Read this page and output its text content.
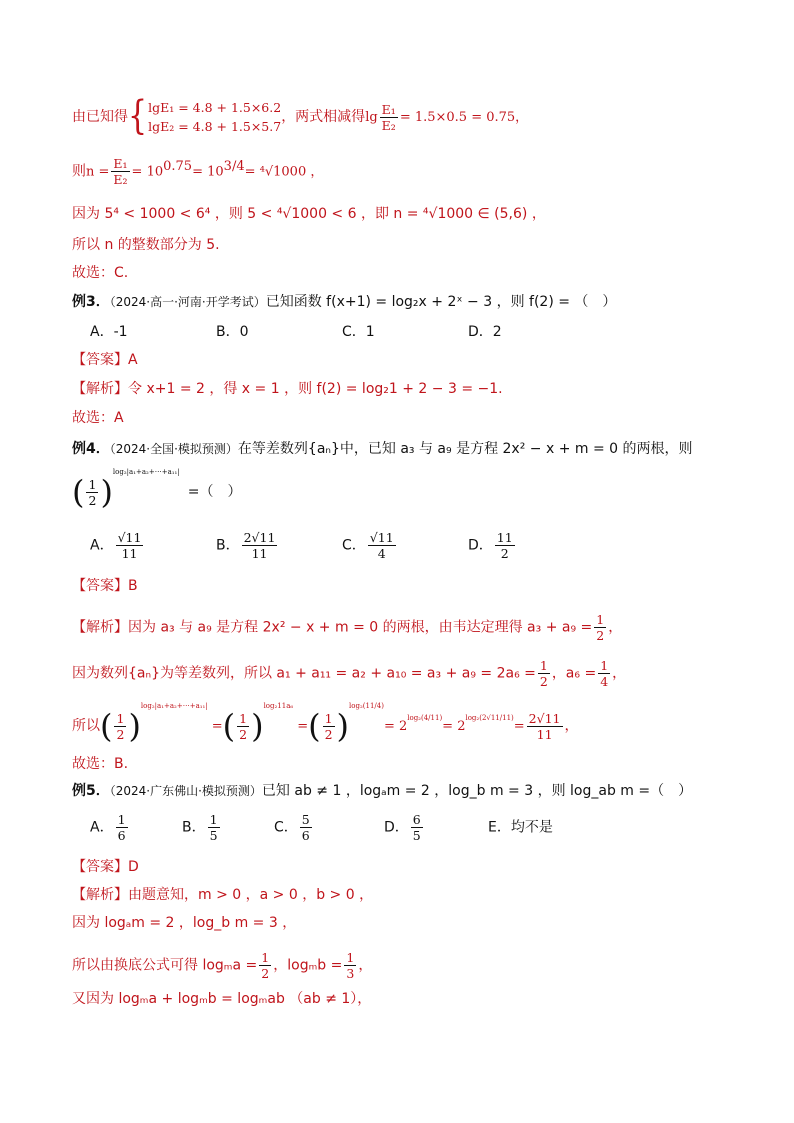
由已知得{ lgE₁ = 4.8 + 1.5×6.2
lgE₂ = 4.8 + 1.5×5.7
，两式相减得$\lg \frac{\text{E₁}}{\text{E₂}} = 1.5\times 0.5 = 0.75$，
则$n = \frac{\text{E₁}}{\text{E₂}} = 10^{0.75}= 10^{3/4}= ^4√1000$ ，
因为 5⁴ < 1000 < 6⁴ ，则 5 < ⁴√1000 < 6 ，即 n = ⁴√1000 ∈ (5,6) ，
所以 n 的整数部分为 5.
故选：C.
例3．（2024·高一·河南·开学考试）已知函数 f(x+1) = log₂x + 2ˣ − 3 ，则 f(2) = （　）
A．-1	B．0	C．1	D．2
【答案】A
【解析】令 x+1 = 2 ，得 x = 1 ，则 f(2) = log₂1 + 2 − 3 = −1.
故选：A
例4．（2024·全国·模拟预测）在等差数列{aₙ}中，已知 a₃ 与 a₉ 是方程 2x² − x + m = 0 的两根，则
( $\frac{1}{2} )^{log_2|a_1+a_2+\cdots+a_{11}|}=$（　）
A． $\frac{√11}{11}$	B． $\frac{2√11}{11}$	C． $\frac{√11}{4}$	D． $\frac{11}{2}$
【答案】B
【解析】因为 a₃ 与 a₉ 是方程 2x² − x + m = 0 的两根，由韦达定理得 $a_3 + a_9 = \frac{1}{2}$ ，
因为数列{aₙ}为等差数列，所以 $a_1 + a_{11} = a_2 + a_{10} = a_3 + a_9 = 2a_6 = \frac{1}{2}$ ，$a_6 = \frac{1}{4}$ ，
所以( $\frac{1}{2} )^{log_2|a_1+a_2+\cdots+a_{11}|}=( \frac{1}{2} )^{log_211a_6}=( \frac{1}{2} )^{log_2(11/4)}= 2^{log_2(4/11)}= 2^{log_2(2√11/11)}= \frac{2√11}{11}$ ，
故选：B.
例5．（2024·广东佛山·模拟预测）已知 ab ≠ 1 ，logₐm = 2 ，log_b m = 3 ，则 log_ab m =（　）
A． $\frac{1}{6}$	B． $\frac{1}{5}$	C． $\frac{5}{6}$	D． $\frac{6}{5}$	E．均不是
【答案】D
【解析】由题意知，m > 0 ，a > 0 ，b > 0 ，
因为 logₐm = 2 ，log_b m = 3 ，
所以由换底公式可得 $\log_ma = \frac{1}{2}$ ，$\log_mb = \frac{1}{3}$ ，
又因为 logₘa + logₘb = logₘab （ab ≠ 1），
